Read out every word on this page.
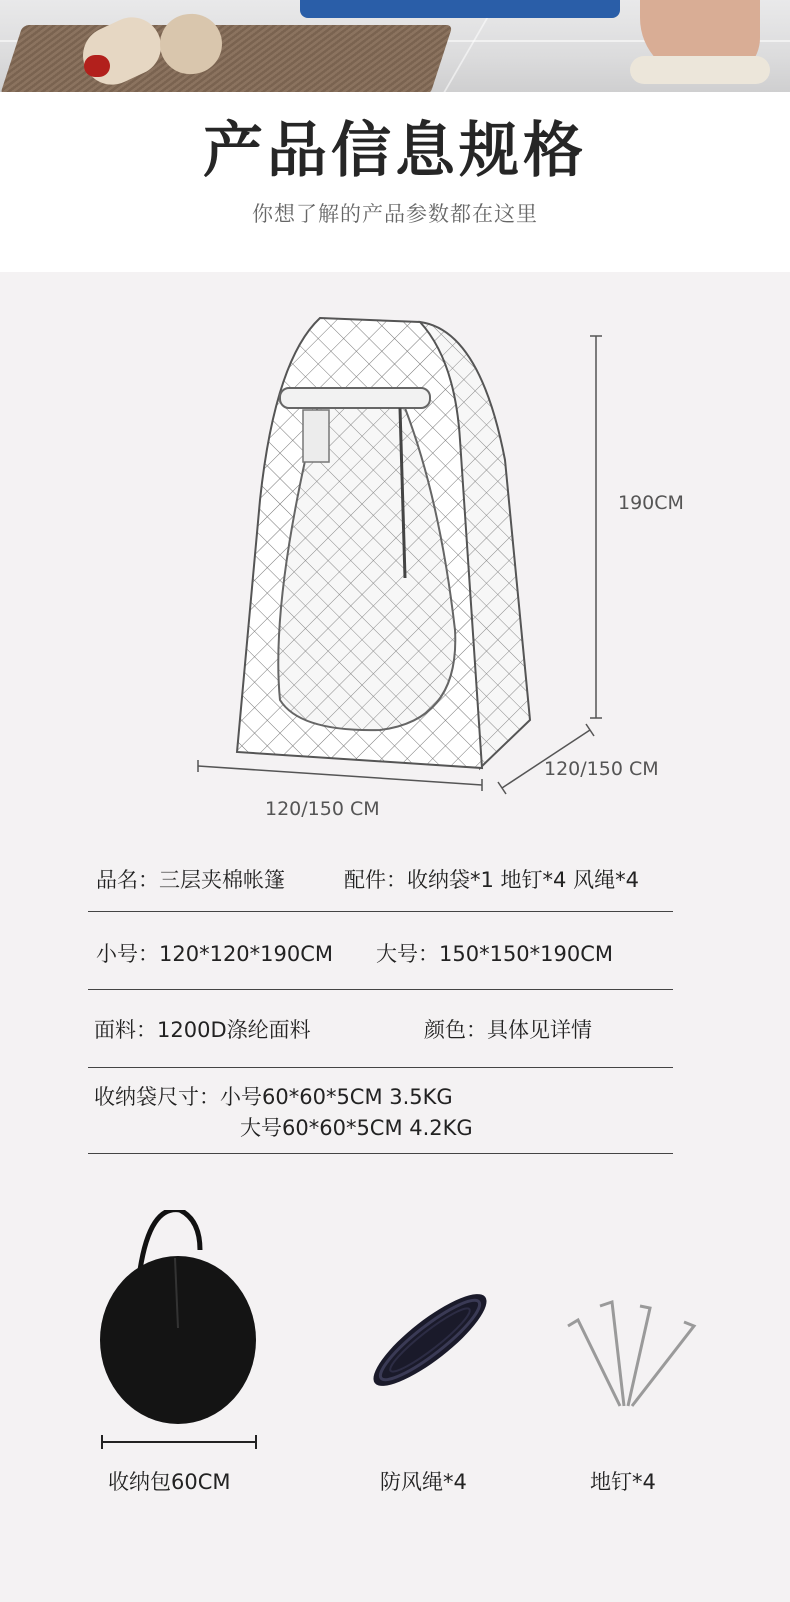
产品信息规格
你想了解的产品参数都在这里
190CM
120/150 CM
120/150 CM
品名：三层夹棉帐篷	配件：收纳袋*1 地钉*4 风绳*4
小号：120*120*190CM 大号：150*150*190CM
面料：1200D涤纶面料	颜色：具体见详情
收纳袋尺寸：小号60*60*5CM 3.5KG
大号60*60*5CM 4.2KG
收纳包60CM	防风绳*4	地钉*4
